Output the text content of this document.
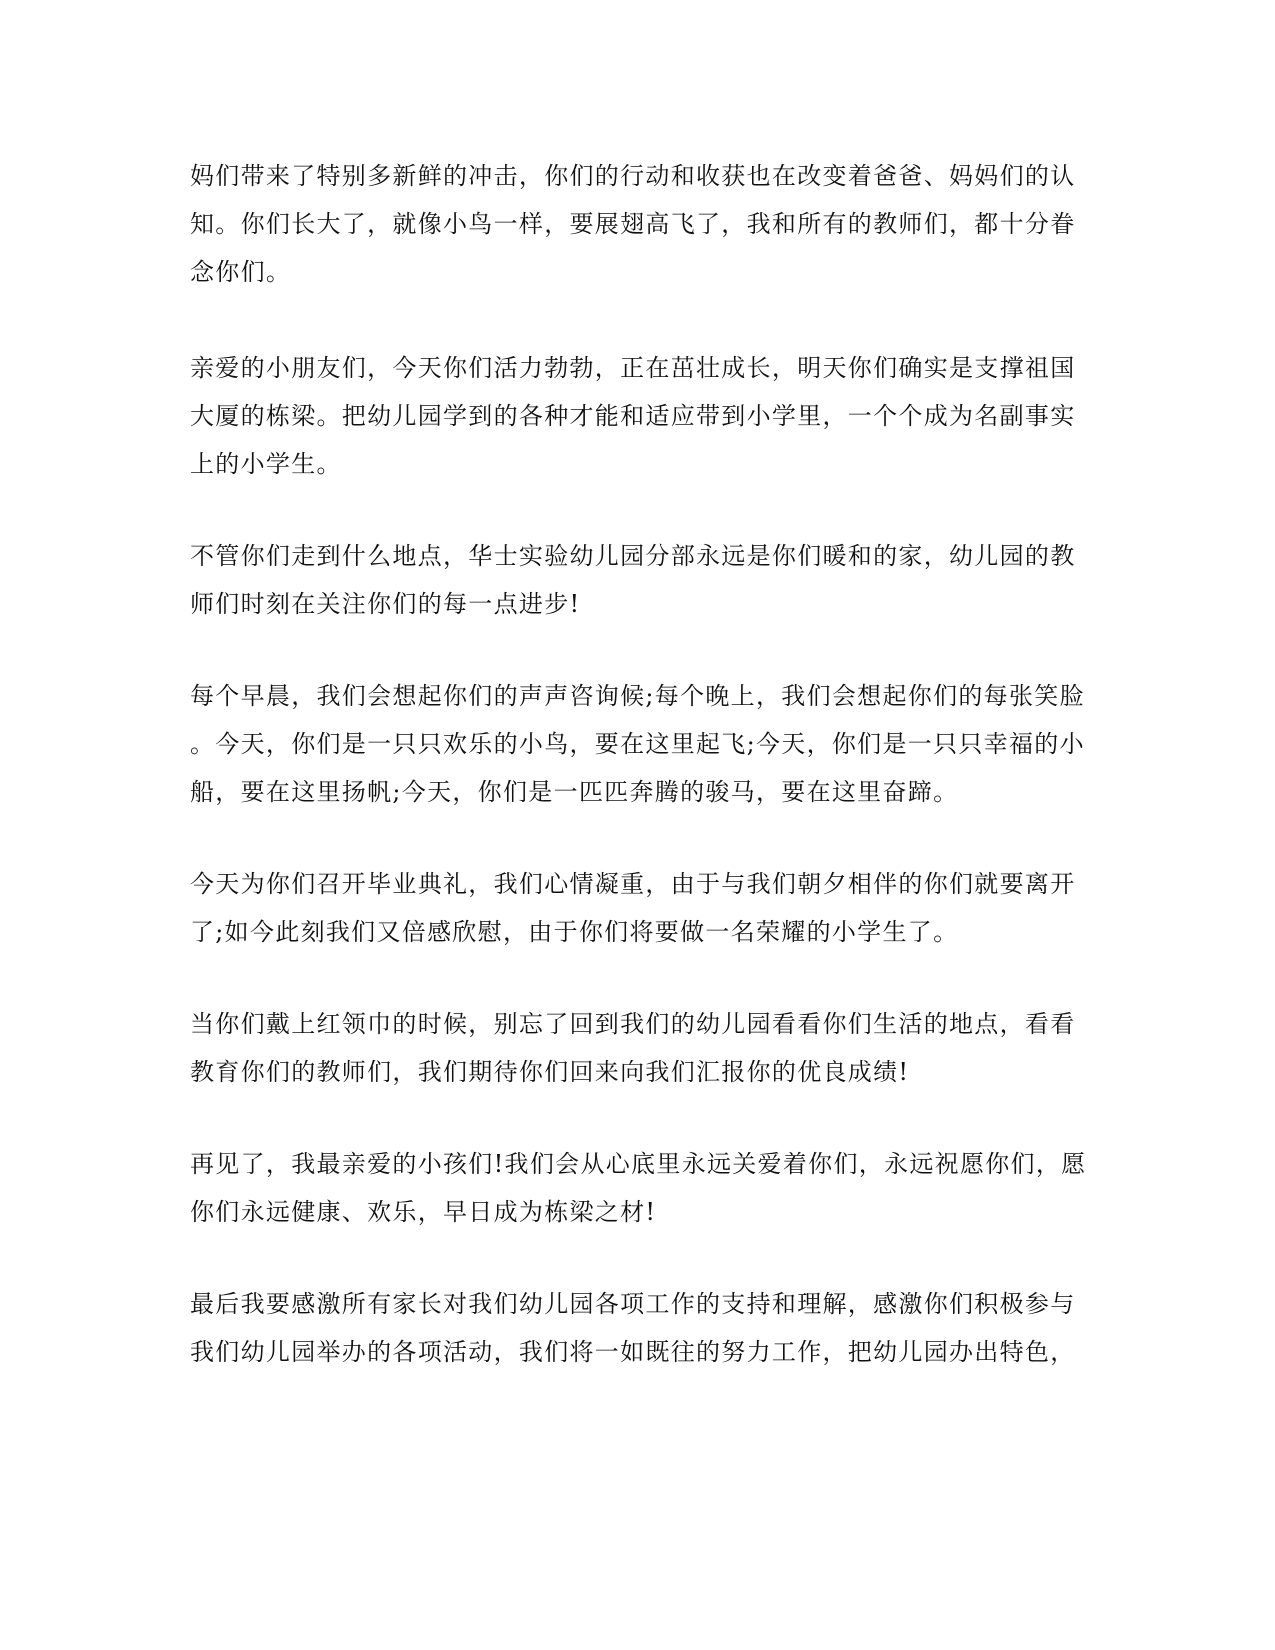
妈们带来了特别多新鲜的冲击，你们的行动和收获也在改变着爸爸、妈妈们的认
知。你们长大了，就像小鸟一样，要展翅高飞了，我和所有的教师们，都十分眷
念你们。

亲爱的小朋友们，今天你们活力勃勃，正在茁壮成长，明天你们确实是支撑祖国
大厦的栋梁。把幼儿园学到的各种才能和适应带到小学里，一个个成为名副事实
上的小学生。

不管你们走到什么地点，华士实验幼儿园分部永远是你们暖和的家，幼儿园的教
师们时刻在关注你们的每一点进步!

每个早晨，我们会想起你们的声声咨询候;每个晚上，我们会想起你们的每张笑脸
。今天，你们是一只只欢乐的小鸟，要在这里起飞;今天，你们是一只只幸福的小
船，要在这里扬帆;今天，你们是一匹匹奔腾的骏马，要在这里奋蹄。

今天为你们召开毕业典礼，我们心情凝重，由于与我们朝夕相伴的你们就要离开
了;如今此刻我们又倍感欣慰，由于你们将要做一名荣耀的小学生了。

当你们戴上红领巾的时候，别忘了回到我们的幼儿园看看你们生活的地点，看看
教育你们的教师们，我们期待你们回来向我们汇报你的优良成绩!

再见了，我最亲爱的小孩们!我们会从心底里永远关爱着你们，永远祝愿你们，愿
你们永远健康、欢乐，早日成为栋梁之材!

最后我要感激所有家长对我们幼儿园各项工作的支持和理解，感激你们积极参与
我们幼儿园举办的各项活动，我们将一如既往的努力工作，把幼儿园办出特色，
